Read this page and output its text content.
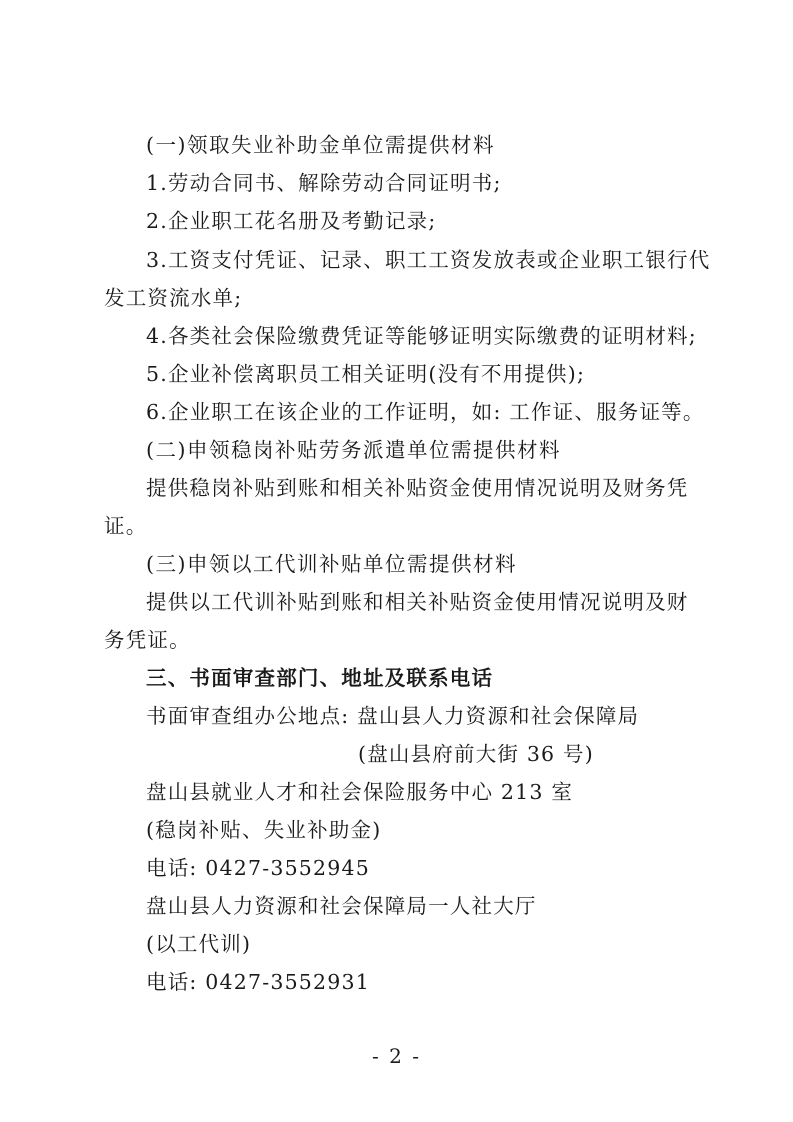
(一)领取失业补助金单位需提供材料
1.劳动合同书、解除劳动合同证明书;
2.企业职工花名册及考勤记录;
3.工资支付凭证、记录、职工工资发放表或企业职工银行代
发工资流水单;
4.各类社会保险缴费凭证等能够证明实际缴费的证明材料;
5.企业补偿离职员工相关证明(没有不用提供);
6.企业职工在该企业的工作证明，如: 工作证、服务证等。
(二)申领稳岗补贴劳务派遣单位需提供材料
提供稳岗补贴到账和相关补贴资金使用情况说明及财务凭
证。
(三)申领以工代训补贴单位需提供材料
提供以工代训补贴到账和相关补贴资金使用情况说明及财
务凭证。
三、书面审查部门、地址及联系电话
书面审查组办公地点: 盘山县人力资源和社会保障局
(盘山县府前大街 36 号)
盘山县就业人才和社会保险服务中心 213 室
(稳岗补贴、失业补助金)
电话: 0427-3552945
盘山县人力资源和社会保障局一人社大厅
(以工代训)
电话: 0427-3552931
- 2 -
